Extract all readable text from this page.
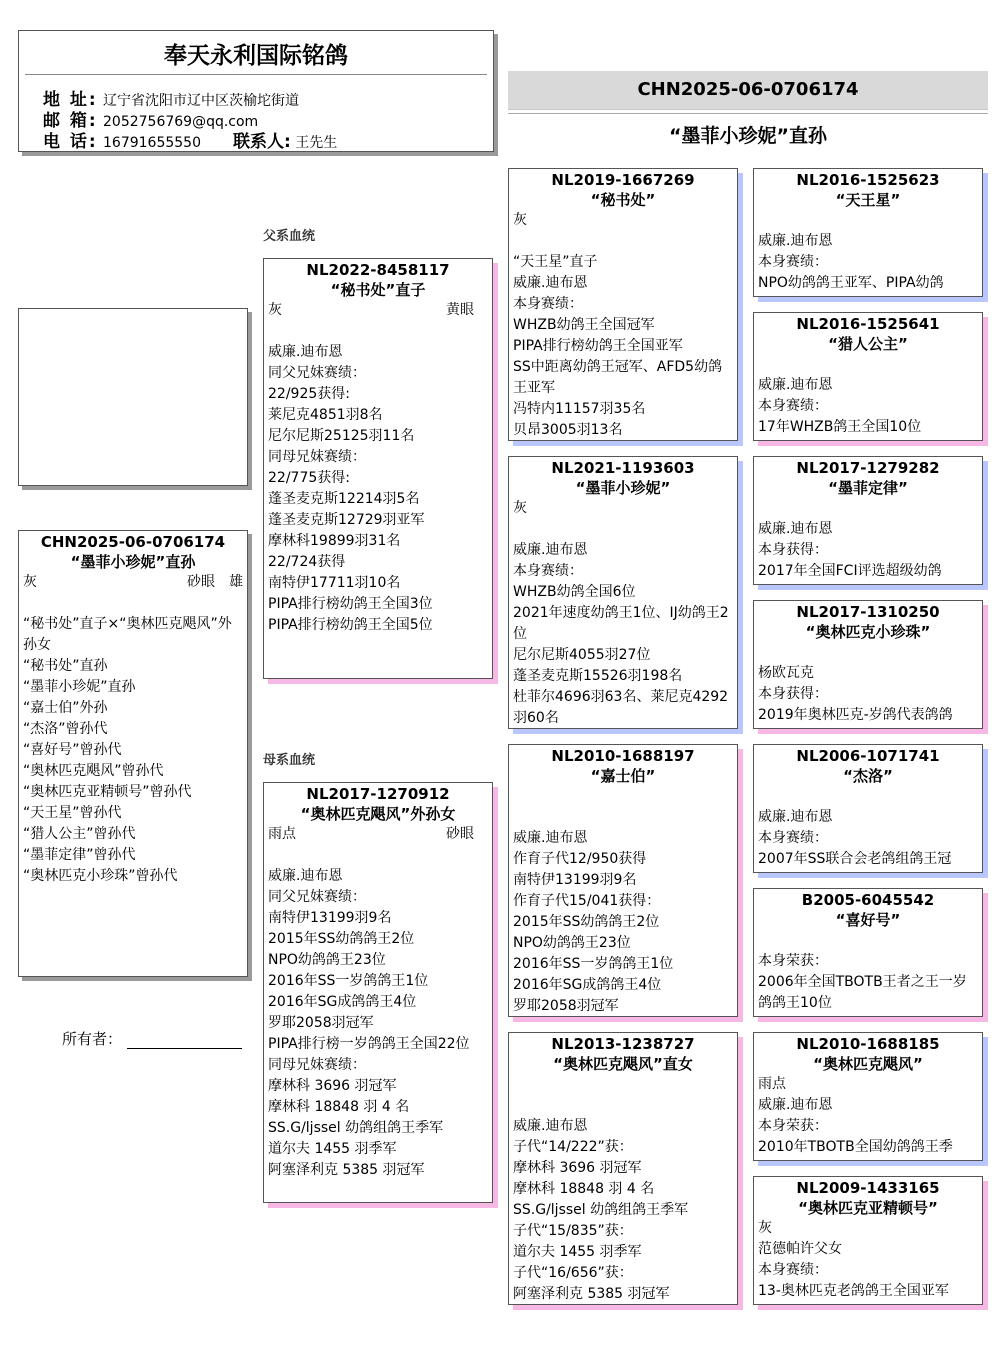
奉天永利国际铭鸽
地 址: 辽宁省沈阳市辽中区茨榆坨街道
邮 箱: 2052756769@qq.com
电 话: 16791655550 联系人: 王先生
CHN2025-06-0706174
“墨菲小珍妮”直孙
父系血统
母系血统
所有者：
CHN2025-06-0706174
“墨菲小珍妮”直孙
灰	砂眼 雄
“秘书处”直子×“奥林匹克飓风”外孙女
“秘书处”直孙
“墨菲小珍妮”直孙
“嘉士伯”外孙
“杰洛”曾孙代
“喜好号”曾孙代
“奥林匹克飓风”曾孙代
“奥林匹克亚精顿号”曾孙代
“天王星”曾孙代
“猎人公主”曾孙代
“墨菲定律”曾孙代
“奥林匹克小珍珠”曾孙代
NL2022-8458117
“秘书处”直子
灰	黄眼
威廉.迪布恩
同父兄妹赛绩：
22/925获得:
莱尼克4851羽8名
尼尔尼斯25125羽11名
同母兄妹赛绩：
22/775获得:
蓬圣麦克斯12214羽5名
蓬圣麦克斯12729羽亚军
摩林科19899羽31名
22/724获得
南特伊17711羽10名
PIPA排行榜幼鸽王全国3位
PIPA排行榜幼鸽王全国5位
NL2017-1270912
“奥林匹克飓风”外孙女
雨点	砂眼
威廉.迪布恩
同父兄妹赛绩：
南特伊13199羽9名
2015年SS幼鸽鸽王2位
NPO幼鸽鸽王23位
2016年SS一岁鸽鸽王1位
2016年SG成鸽鸽王4位
罗耶2058羽冠军
PIPA排行榜一岁鸽鸽王全国22位
同母兄妹赛绩：
摩林科 3696 羽冠军
摩林科 18848 羽 4 名
SS.G/ljssel 幼鸽组鸽王季军
道尔夫 1455 羽季军
阿塞泽利克 5385 羽冠军
NL2019-1667269
“秘书处”
灰
“天王星”直子
威廉.迪布恩
本身赛绩：
WHZB幼鸽王全国冠军
PIPA排行榜幼鸽王全国亚军
SS中距离幼鸽王冠军、AFD5幼鸽王亚军
冯特内11157羽35名
贝昂3005羽13名
NL2021-1193603
“墨菲小珍妮”
灰
威廉.迪布恩
本身赛绩：
WHZB幼鸽全国6位
2021年速度幼鸽王1位、IJ幼鸽王2位
尼尔尼斯4055羽27位
蓬圣麦克斯15526羽198名
杜菲尔4696羽63名、莱尼克4292羽60名
NL2010-1688197
“嘉士伯”
威廉.迪布恩
作育子代12/950获得
南特伊13199羽9名
作育子代15/041获得：
2015年SS幼鸽鸽王2位
NPO幼鸽鸽王23位
2016年SS一岁鸽鸽王1位
2016年SG成鸽鸽王4位
罗耶2058羽冠军
NL2013-1238727
“奥林匹克飓风”直女
威廉.迪布恩
子代“14/222”获：
摩林科 3696 羽冠军
摩林科 18848 羽 4 名
SS.G/ljssel 幼鸽组鸽王季军
子代“15/835”获：
道尔夫 1455 羽季军
子代“16/656”获：
阿塞泽利克 5385 羽冠军
NL2016-1525623
“天王星”
威廉.迪布恩
本身赛绩：
NPO幼鸽鸽王亚军、PIPA幼鸽
NL2016-1525641
“猎人公主”
威廉.迪布恩
本身赛绩：
17年WHZB鸽王全国10位
NL2017-1279282
“墨菲定律”
威廉.迪布恩
本身获得：
2017年全国FCI评选超级幼鸽
NL2017-1310250
“奥林匹克小珍珠”
杨欧瓦克
本身获得：
2019年奥林匹克-岁鸽代表鸽鸽
NL2006-1071741
“杰洛”
威廉.迪布恩
本身赛绩：
2007年SS联合会老鸽组鸽王冠
B2005-6045542
“喜好号”
本身荣获：
2006年全国TBOTB王者之王一岁鸽鸽王10位
NL2010-1688185
“奥林匹克飓风”
雨点
威廉.迪布恩
本身荣获：
2010年TBOTB全国幼鸽鸽王季
NL2009-1433165
“奥林匹克亚精顿号”
灰
范德帕许父女
本身赛绩：
13-奥林匹克老鸽鸽王全国亚军
